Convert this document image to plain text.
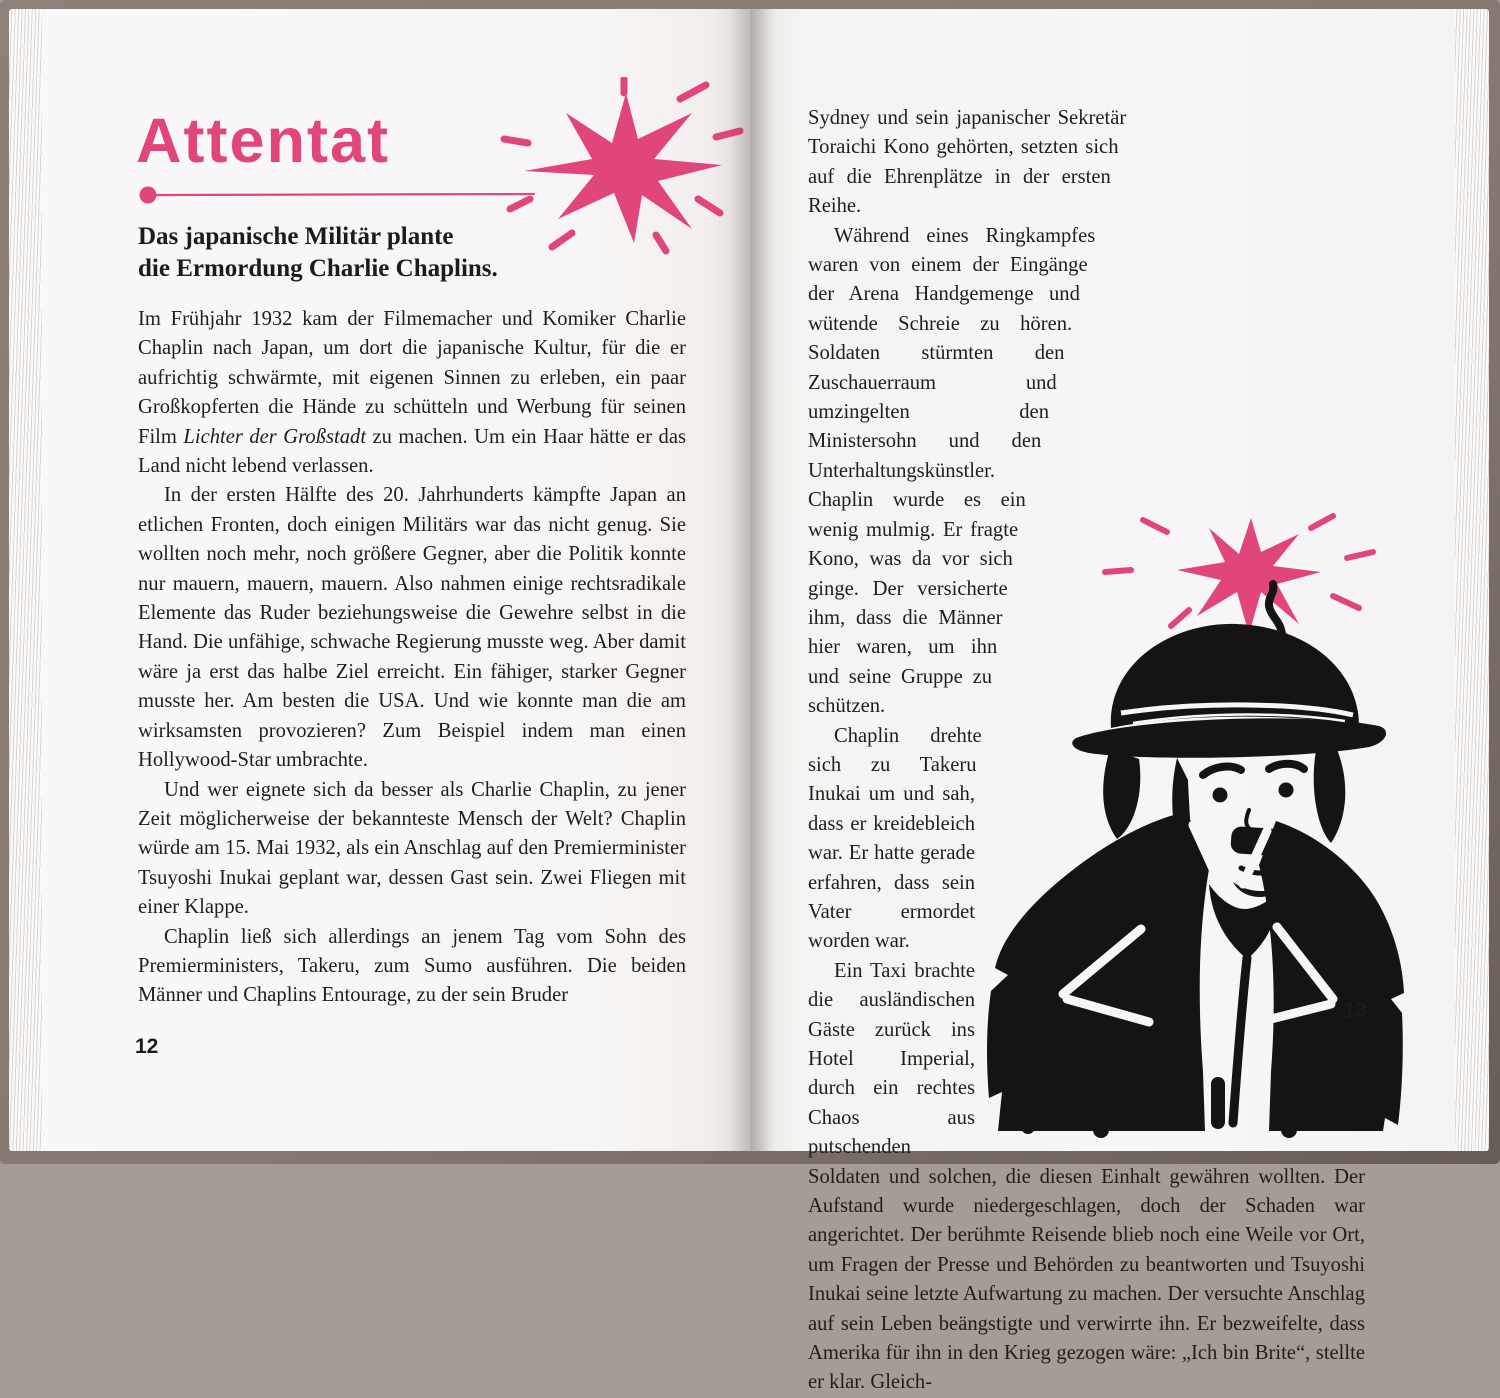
Attentat
Das japanische Militär plante
die Ermordung Charlie Chaplins.

Im Frühjahr 1932 kam der Filmemacher und Komiker Charlie Chaplin nach Japan, um dort die japanische Kultur, für die er aufrichtig schwärmte, mit eigenen Sinnen zu erleben, ein paar Großkopferten die Hände zu schütteln und Werbung für seinen Film Lichter der Großstadt zu machen. Um ein Haar hätte er das Land nicht lebend verlassen.

In der ersten Hälfte des 20. Jahrhunderts kämpfte Japan an etlichen Fronten, doch einigen Militärs war das nicht genug. Sie wollten noch mehr, noch größere Gegner, aber die Politik konnte nur mauern, mauern, mauern. Also nahmen einige rechtsradikale Elemente das Ruder beziehungsweise die Gewehre selbst in die Hand. Die unfähige, schwache Regierung musste weg. Aber damit wäre ja erst das halbe Ziel erreicht. Ein fähiger, starker Gegner musste her. Am besten die USA. Und wie konnte man die am wirksamsten provozieren? Zum Beispiel indem man einen Hollywood-Star umbrachte.

Und wer eignete sich da besser als Charlie Chaplin, zu jener Zeit möglicherweise der bekannteste Mensch der Welt? Chaplin würde am 15. Mai 1932, als ein Anschlag auf den Premierminister Tsuyoshi Inukai geplant war, dessen Gast sein. Zwei Fliegen mit einer Klappe.

Chaplin ließ sich allerdings an jenem Tag vom Sohn des Premierministers, Takeru, zum Sumo ausführen. Die beiden Männer und Chaplins Entourage, zu der sein Bruder

12

Sydney und sein japanischer Sekretär Toraichi Kono gehörten, setzten sich auf die Ehrenplätze in der ersten Reihe.

Während eines Ringkampfes waren von einem der Eingänge der Arena Handgemenge und wütende Schreie zu hören. Soldaten stürmten den Zuschauerraum und umzingelten den Ministersohn und den Unterhaltungskünstler. Chaplin wurde es ein wenig mulmig. Er fragte Kono, was da vor sich ginge. Der versicherte ihm, dass die Männer hier waren, um ihn und seine Gruppe zu schützen.

Chaplin drehte sich zu Takeru Inukai um und sah, dass er kreidebleich war. Er hatte gerade erfahren, dass sein Vater ermordet worden war.

Ein Taxi brachte die ausländischen Gäste zurück ins Hotel Imperial, durch ein rechtes Chaos aus putschenden Soldaten und solchen, die diesen Einhalt gewähren wollten. Der Aufstand wurde niedergeschlagen, doch der Schaden war angerichtet. Der berühmte Reisende blieb noch eine Weile vor Ort, um Fragen der Presse und Behörden zu beantworten und Tsuyoshi Inukai seine letzte Aufwartung zu machen. Der versuchte Anschlag auf sein Leben beängstigte und verwirrte ihn. Er bezweifelte, dass Amerika für ihn in den Krieg gezogen wäre: „Ich bin Brite“, stellte er klar. Gleich-

13
